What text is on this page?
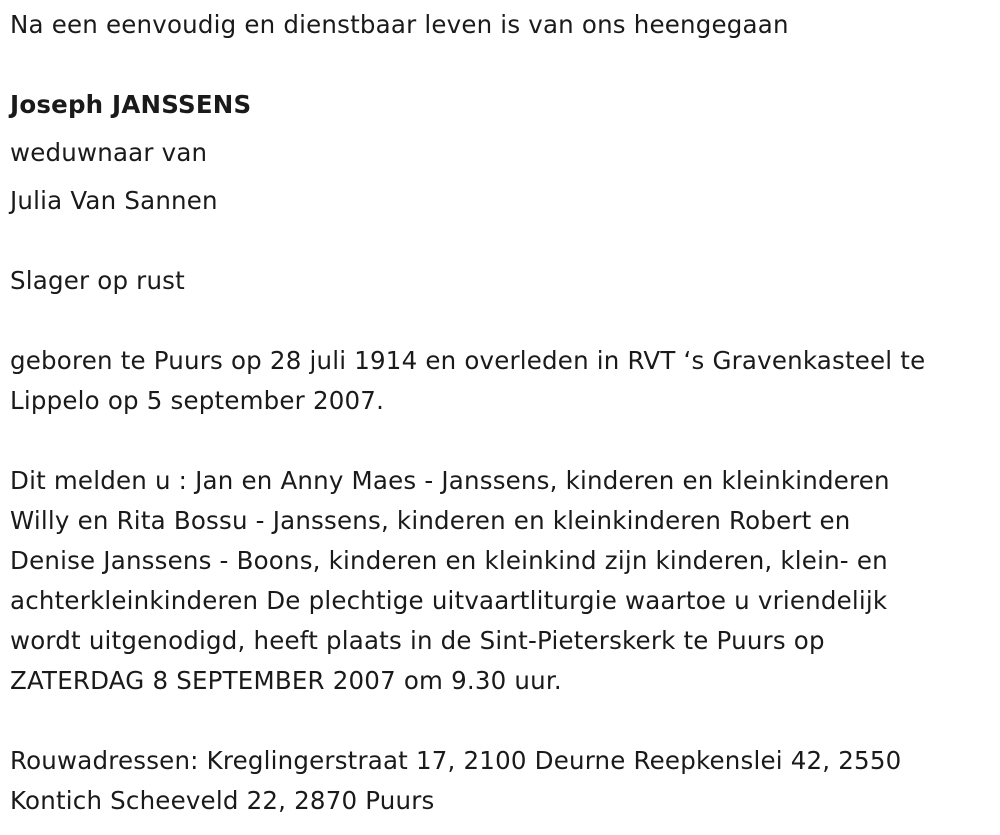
Na een eenvoudig en dienstbaar leven is van ons heengegaan
Joseph JANSSENS
weduwnaar van
Julia Van Sannen
Slager op rust
geboren te Puurs op 28 juli 1914 en overleden in RVT ‘s Gravenkasteel te
Lippelo op 5 september 2007.
Dit melden u : Jan en Anny Maes - Janssens, kinderen en kleinkinderen
Willy en Rita Bossu - Janssens, kinderen en kleinkinderen Robert en
Denise Janssens - Boons, kinderen en kleinkind zijn kinderen, klein- en
achterkleinkinderen De plechtige uitvaartliturgie waartoe u vriendelijk
wordt uitgenodigd, heeft plaats in de Sint-Pieterskerk te Puurs op
ZATERDAG 8 SEPTEMBER 2007 om 9.30 uur.
Rouwadressen: Kreglingerstraat 17, 2100 Deurne Reepkenslei 42, 2550
Kontich Scheeveld 22, 2870 Puurs
